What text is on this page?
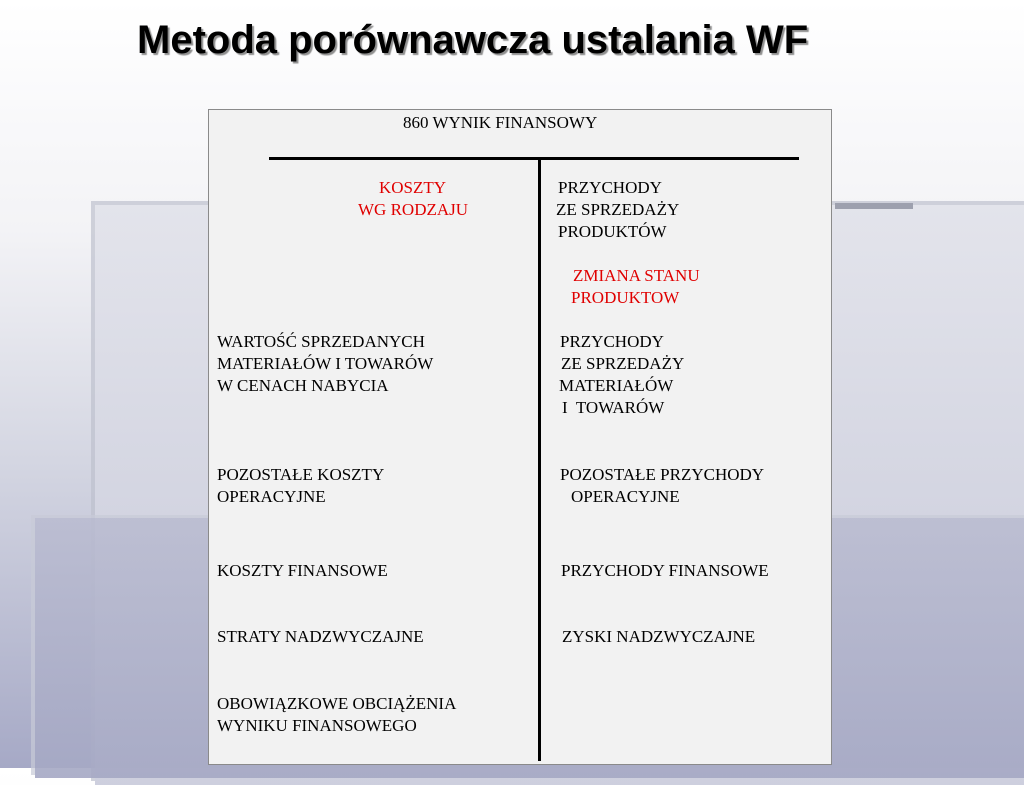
Metoda porównawcza ustalania WF
860 WYNIK FINANSOWY
KOSZTY
WG RODZAJU
PRZYCHODY
ZE SPRZEDAŻY
PRODUKTÓW
ZMIANA STANU
PRODUKTOW
WARTOŚĆ SPRZEDANYCH
MATERIAŁÓW I TOWARÓW
W CENACH NABYCIA
POZOSTAŁE KOSZTY
OPERACYJNE
KOSZTY FINANSOWE
STRATY NADZWYCZAJNE
OBOWIĄZKOWE OBCIĄŻENIA
WYNIKU FINANSOWEGO
PRZYCHODY
ZE SPRZEDAŻY
MATERIAŁÓW
I  TOWARÓW
POZOSTAŁE PRZYCHODY
OPERACYJNE
PRZYCHODY FINANSOWE
ZYSKI NADZWYCZAJNE
